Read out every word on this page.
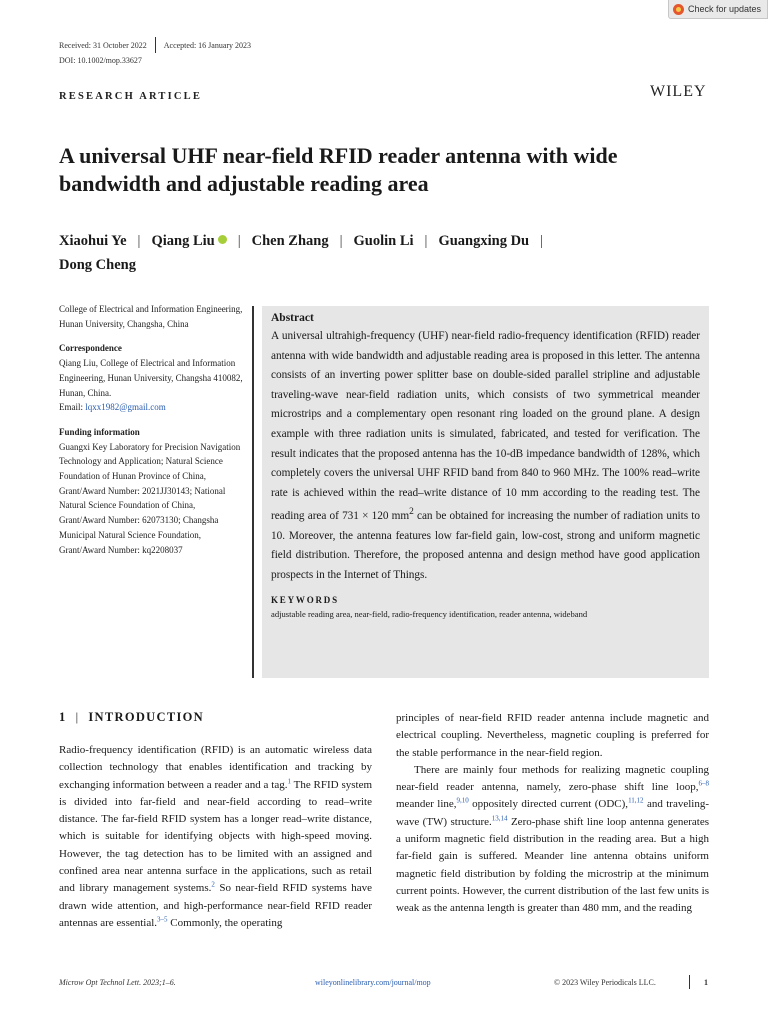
Check for updates
Received: 31 October 2022 Accepted: 16 January 2023
DOI: 10.1002/mop.33627
RESEARCH ARTICLE	WILEY
A universal UHF near-field RFID reader antenna with wide bandwidth and adjustable reading area
Xiaohui Ye | Qiang Liu | Chen Zhang | Guolin Li | Guangxing Du |
Dong Cheng

College of Electrical and Information Engineering, Hunan University, Changsha, China

Correspondence

Qiang Liu, College of Electrical and Information Engineering, Hunan University, Changsha 410082, Hunan, China.

Email: lqxx1982@gmail.com

Funding information

Guangxi Key Laboratory for Precision Navigation Technology and Application; Natural Science Foundation of Hunan Province of China, Grant/Award Number: 2021JJ30143; National Natural Science Foundation of China, Grant/Award Number: 62073130; Changsha Municipal Natural Science Foundation, Grant/Award Number: kq2208037

Abstract

A universal ultrahigh-frequency (UHF) near-field radio-frequency identification (RFID) reader antenna with wide bandwidth and adjustable reading area is proposed in this letter. The antenna consists of an inverting power splitter base on double-sided parallel stripline and adjustable traveling-wave near-field radiation units, which consists of two symmetrical meander microstrips and a complementary open resonant ring loaded on the ground plane. A design example with three radiation units is simulated, fabricated, and tested for verification. The result indicates that the proposed antenna has the 10-dB impedance bandwidth of 128%, which completely covers the universal UHF RFID band from 840 to 960 MHz. The 100% read–write rate is achieved within the read–write distance of 10 mm according to the reading test. The reading area of 731 × 120 $mm^2$ can be obtained for increasing the number of radiation units to 10. Moreover, the antenna features low far-field gain, low-cost, strong and uniform magnetic field distribution. Therefore, the proposed antenna and design method have good application prospects in the Internet of Things.

KEYWORDS
adjustable reading area, near-field, radio-frequency identification, reader antenna, wideband
1 | INTRODUCTION

Radio-frequency identification (RFID) is an automatic wireless data collection technology that enables identification and tracking by exchanging information between a reader and a tag.$^1$ The RFID system is divided into far-field and near-field according to read–write distance. The far-field RFID system has a longer read–write distance, which is suitable for identifying objects with high-speed moving. However, the tag detection has to be limited with an assigned and confined area near antenna surface in the applications, such as retail and library management systems.$^2$ So near-field RFID systems have drawn wide attention, and high-performance near-field RFID reader antennas are essential.$^{3-5}$ Commonly, the operating

principles of near-field RFID reader antenna include magnetic and electrical coupling. Nevertheless, magnetic coupling is preferred for the stable performance in the near-field region.

There are mainly four methods for realizing magnetic coupling near-field reader antenna, namely, zero-phase shift line loop,$^{6-8}$ meander line,$^{9,10}$ oppositely directed current (ODC),$^{11,12}$ and traveling-wave (TW) structure.$^{13,14}$ Zero-phase shift line loop antenna generates a uniform magnetic field distribution in the reading area. But a high far-field gain is suffered. Meander line antenna obtains uniform magnetic field distribution by folding the microstrip at the minimum current points. However, the current distribution of the last few units is weak as the antenna length is greater than 480 mm, and the reading

Microw Opt Technol Lett. 2023;1–6.	wileyonlinelibrary.com/journal/mop	© 2023 Wiley Periodicals LLC.	1
